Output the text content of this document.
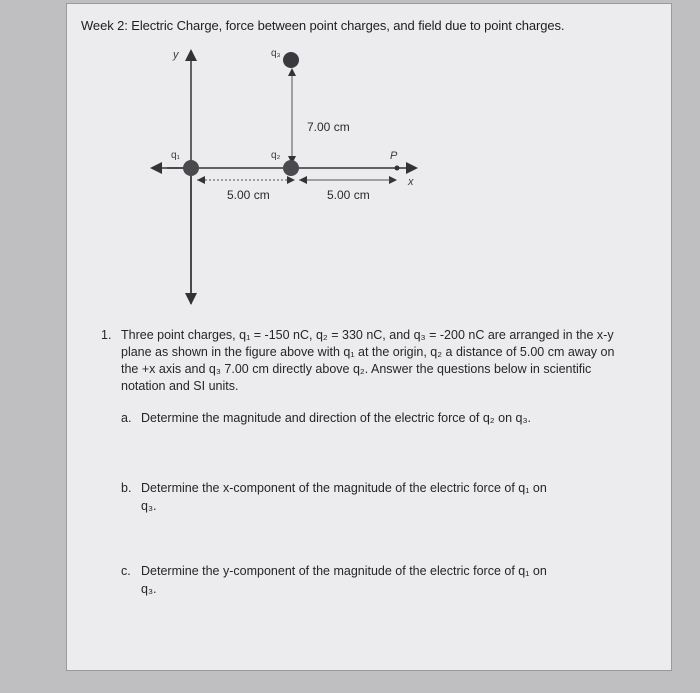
Week 2: Electric Charge, force between point charges, and field due to point charges.
y
x
q₃
q₁	q₂	P
7.00 cm
5.00 cm	5.00 cm
1. Three point charges, q₁ = -150 nC, q₂ = 330 nC, and q₃ = -200 nC are arranged in the x-y plane as shown in the figure above with q₁ at the origin, q₂ a distance of 5.00 cm away on the +x axis and q₃ 7.00 cm directly above q₂. Answer the questions below in scientific notation and SI units.
a. Determine the magnitude and direction of the electric force of q₂ on q₃.
b. Determine the x-component of the magnitude of the electric force of q₁ on
q₃.
c. Determine the y-component of the magnitude of the electric force of q₁ on
q₃.
